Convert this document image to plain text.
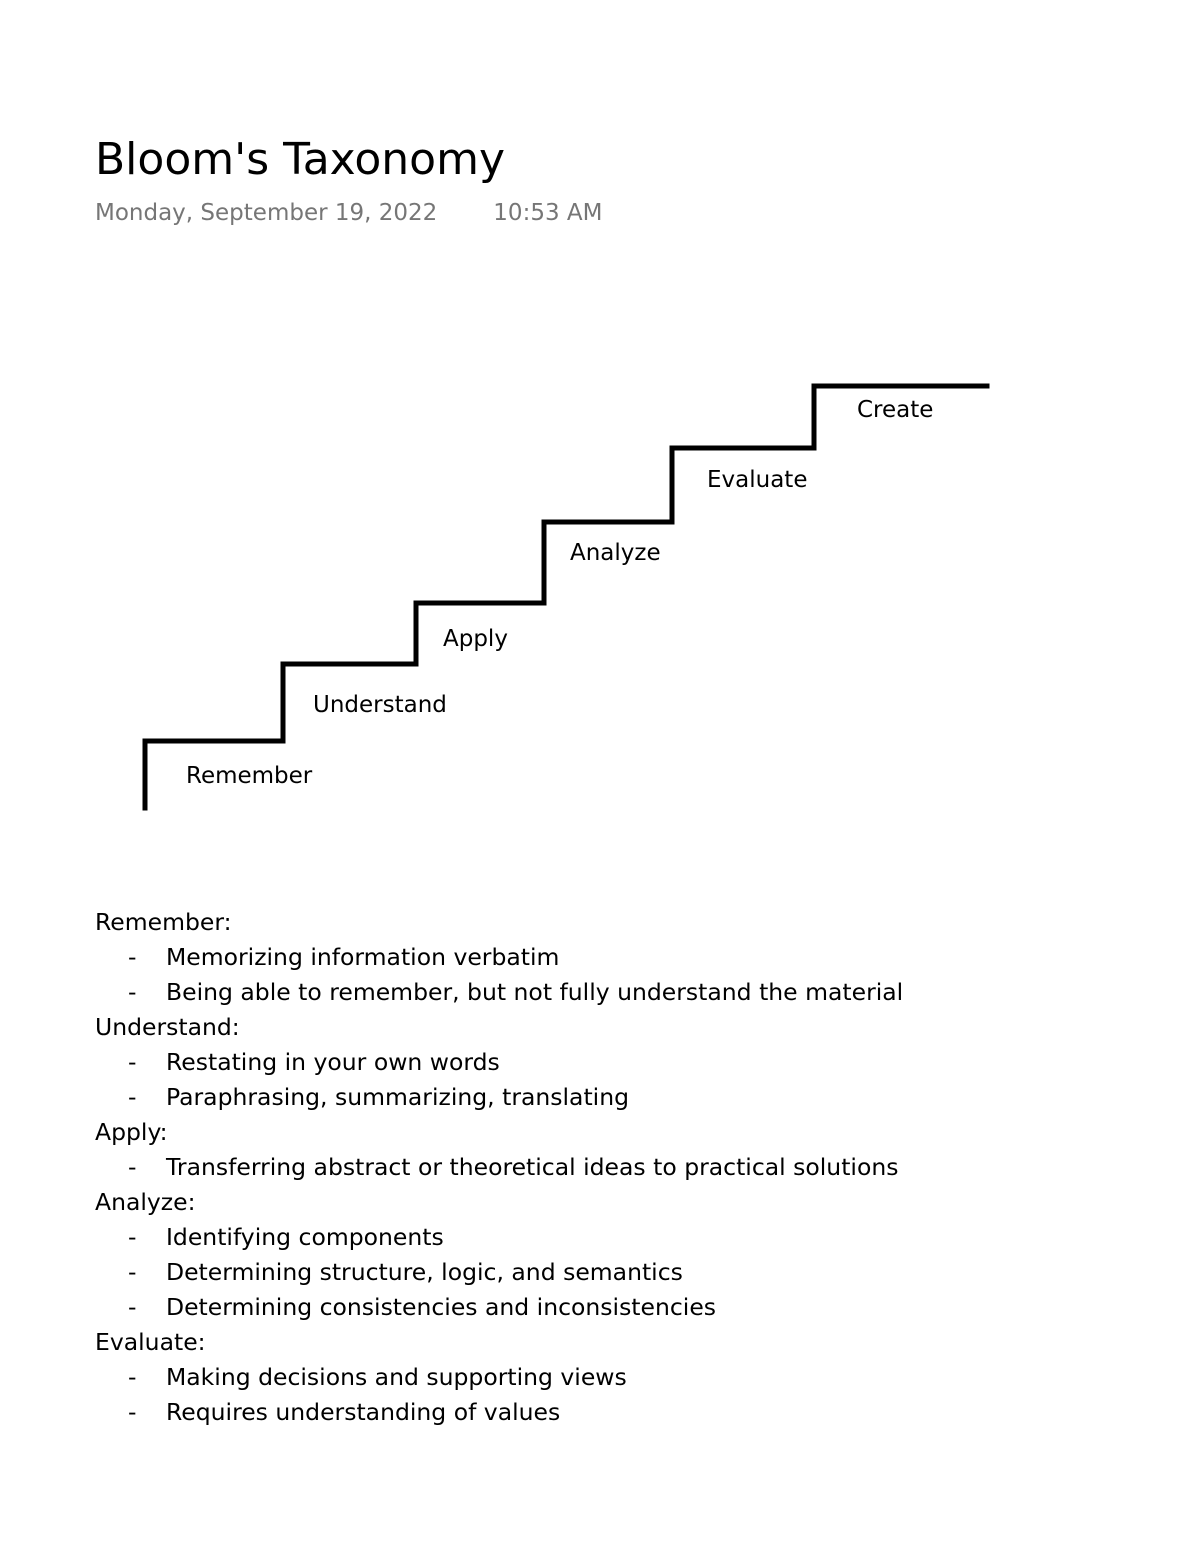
Bloom's Taxonomy
Monday, September 19, 2022 10:53 AM
Remember
Understand
Apply
Analyze
Evaluate
Create
Remember:
- Memorizing information verbatim
- Being able to remember, but not fully understand the material
Understand:
- Restating in your own words
- Paraphrasing, summarizing, translating
Apply:
- Transferring abstract or theoretical ideas to practical solutions
Analyze:
- Identifying components
- Determining structure, logic, and semantics
- Determining consistencies and inconsistencies
Evaluate:
- Making decisions and supporting views
- Requires understanding of values
